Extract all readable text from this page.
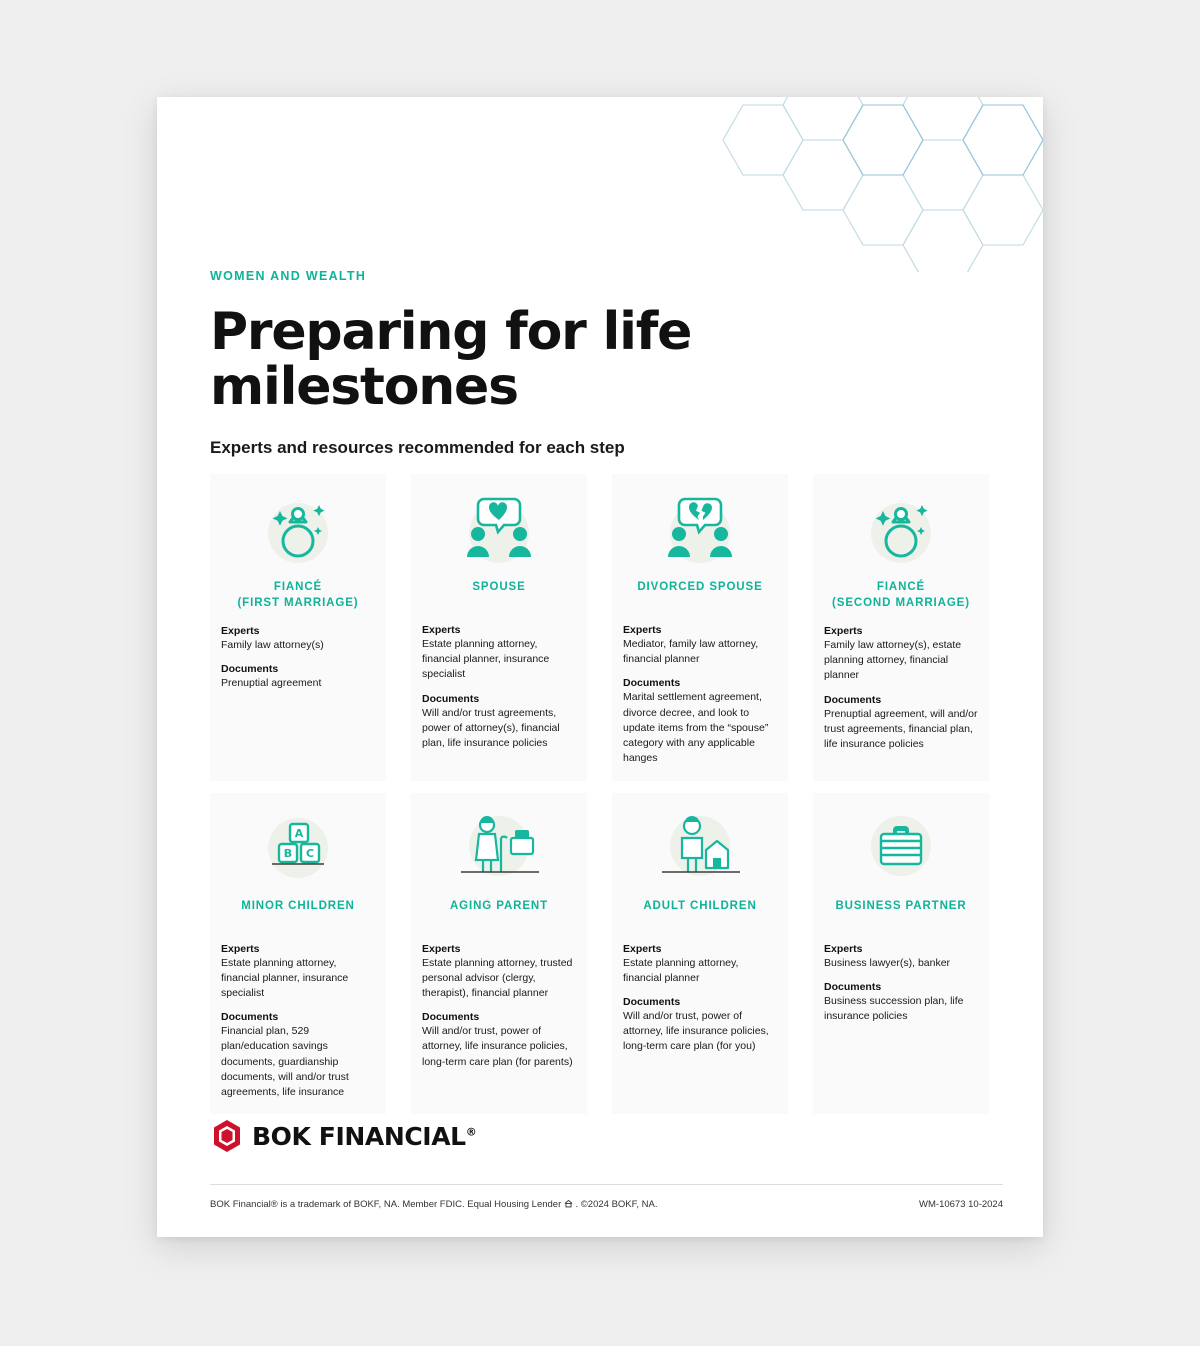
WOMEN AND WEALTH
Preparing for life milestones
Experts and resources recommended for each step
FIANCÉ
(FIRST MARRIAGE)
Experts
Family law attorney(s)
Documents
Prenuptial agreement
SPOUSE
Experts
Estate planning attorney, financial planner, insurance specialist
Documents
Will and/or trust agreements, power of attorney(s), financial plan, life insurance policies
DIVORCED SPOUSE
Experts
Mediator, family law attorney, financial planner
Documents
Marital settlement agreement, divorce decree, and look to update items from the “spouse” category with any applicable hanges
FIANCÉ
(SECOND MARRIAGE)
Experts
Family law attorney(s), estate planning attorney, financial planner
Documents
Prenuptial agreement, will and/or trust agreements, financial plan, life insurance policies
A
B C
MINOR CHILDREN
Experts
Estate planning attorney, financial planner, insurance specialist
Documents
Financial plan, 529 plan/education savings documents, guardianship documents, will and/or trust agreements, life insurance
AGING PARENT
Experts
Estate planning attorney, trusted personal advisor (clergy, therapist), financial planner
Documents
Will and/or trust, power of attorney, life insurance policies, long-term care plan (for parents)
ADULT CHILDREN
Experts
Estate planning attorney, financial planner
Documents
Will and/or trust, power of attorney, life insurance policies, long-term care plan (for you)
BUSINESS PARTNER
Experts
Business lawyer(s), banker
Documents
Business succession plan, life insurance policies
BOK FINANCIAL®
BOK Financial® is a trademark of BOKF, NA. Member FDIC. Equal Housing Lender . ©2024 BOKF, NA.	WM-10673 10-2024
